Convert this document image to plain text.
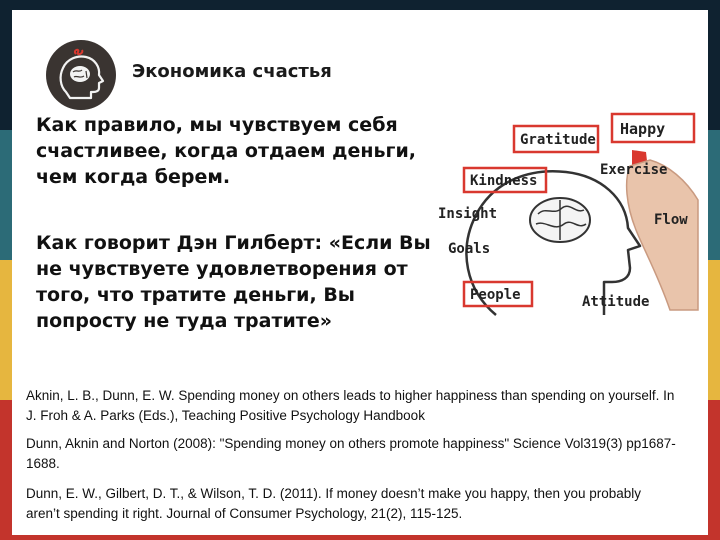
Экономика счастья

Как правило, мы чувствуем себя счастливее, когда отдаем деньги, чем когда берем.

Как говорит Дэн Гилберт: «Если Вы не чувствуете удовлетворения от того, что тратите деньги, Вы попросту не туда тратите»

Gratitude
Happy
Exercise
Kindness
Insight	Flow
Goals
People	Attitude

Aknin, L. B., Dunn, E. W. Spending money on others leads to higher happiness than spending on yourself. In J. Froh & A. Parks (Eds.), Teaching Positive Psychology Handbook

Dunn, Aknin and Norton (2008): "Spending money on others promote happiness" Science Vol319(3) pp1687-1688.

Dunn, E. W., Gilbert, D. T., & Wilson, T. D. (2011). If money doesn’t make you happy, then you probably aren’t spending it right. Journal of Consumer Psychology, 21(2), 115-125.
